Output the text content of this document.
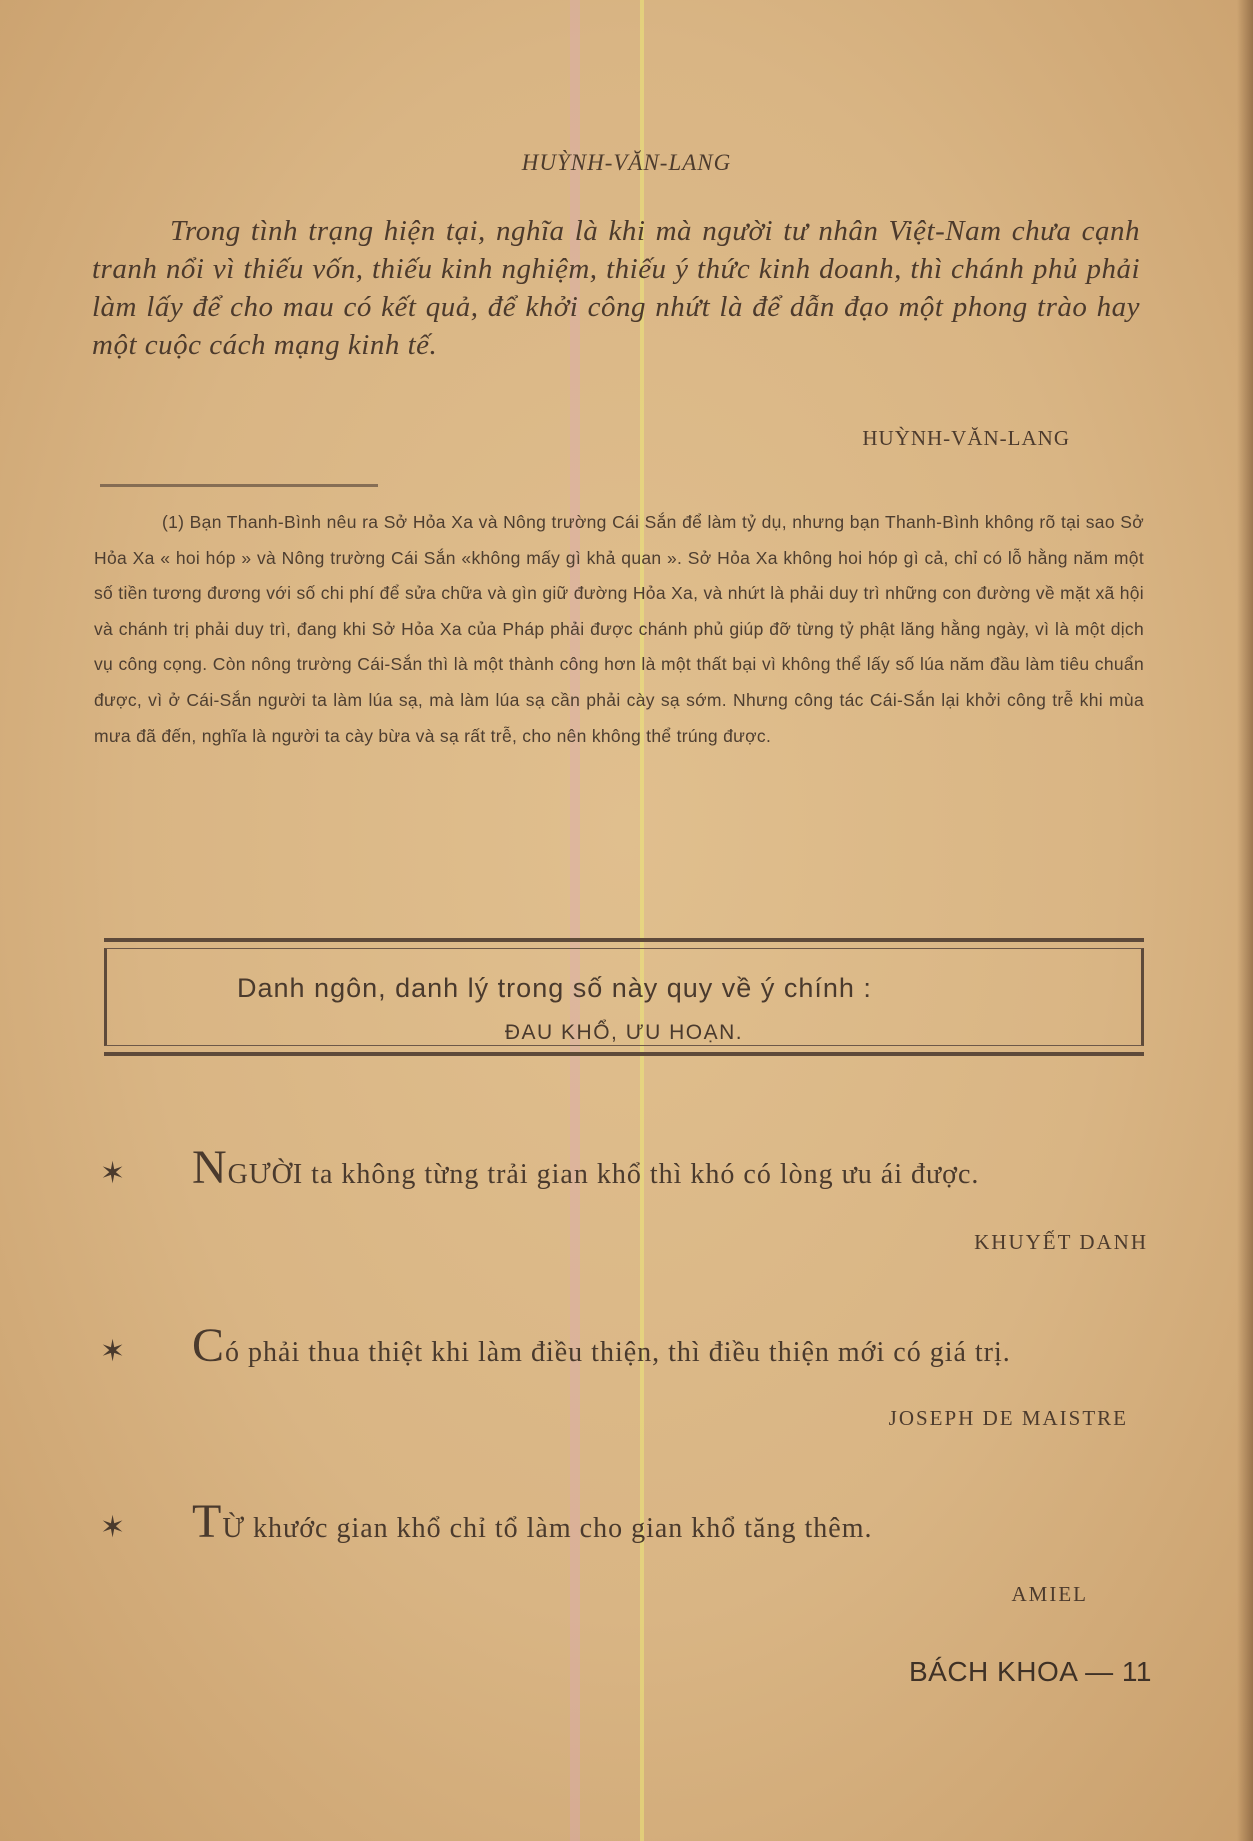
HUỲNH-VĂN-LANG
Trong tình trạng hiện tại, nghĩa là khi mà người tư nhân Việt-Nam chưa cạnh tranh nổi vì thiếu vốn, thiếu kinh nghiệm, thiếu ý thức kinh doanh, thì chánh phủ phải làm lấy để cho mau có kết quả, để khởi công nhứt là để dẫn đạo một phong trào hay một cuộc cách mạng kinh tế.
HUỲNH-VĂN-LANG
(1) Bạn Thanh-Bình nêu ra Sở Hỏa Xa và Nông trường Cái Sắn để làm tỷ dụ, nhưng bạn Thanh-Bình không rõ tại sao Sở Hỏa Xa « hoi hóp » và Nông trường Cái Sắn «không mấy gì khả quan ». Sở Hỏa Xa không hoi hóp gì cả, chỉ có lỗ hằng năm một số tiền tương đương với số chi phí để sửa chữa và gìn giữ đường Hỏa Xa, và nhứt là phải duy trì những con đường về mặt xã hội và chánh trị phải duy trì, đang khi Sở Hỏa Xa của Pháp phải được chánh phủ giúp đỡ từng tỷ phật lăng hằng ngày, vì là một dịch vụ công cọng. Còn nông trường Cái-Sắn thì là một thành công hơn là một thất bại vì không thể lấy số lúa năm đầu làm tiêu chuẩn được, vì ở Cái-Sắn người ta làm lúa sạ, mà làm lúa sạ cần phải cày sạ sớm. Nhưng công tác Cái-Sắn lại khởi công trễ khi mùa mưa đã đến, nghĩa là người ta cày bừa và sạ rất trễ, cho nên không thể trúng được.
Danh ngôn, danh lý trong số này quy về ý chính :
ĐAU KHỔ, ƯU HOẠN.
✶ NGƯỜI ta không từng trải gian khổ thì khó có lòng ưu ái được.
KHUYẾT DANH
✶ Có phải thua thiệt khi làm điều thiện, thì điều thiện mới có giá trị.
JOSEPH DE MAISTRE
✶ TỪ khước gian khổ chỉ tổ làm cho gian khổ tăng thêm.
AMIEL
BÁCH KHOA — 11
